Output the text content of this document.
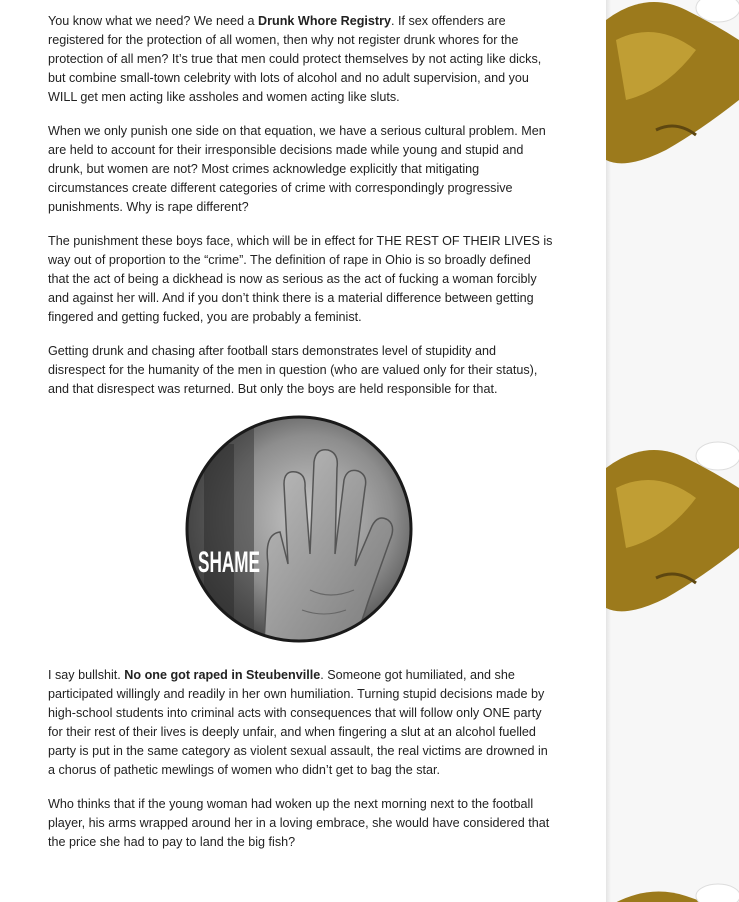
You know what we need? We need a Drunk Whore Registry. If sex offenders are registered for the protection of all women, then why not register drunk whores for the protection of all men? It’s true that men could protect themselves by not acting like dicks, but combine small-town celebrity with lots of alcohol and no adult supervision, and you WILL get men acting like assholes and women acting like sluts.

When we only punish one side on that equation, we have a serious cultural problem. Men are held to account for their irresponsible decisions made while young and stupid and drunk, but women are not? Most crimes acknowledge explicitly that mitigating circumstances create different categories of crime with correspondingly progressive punishments. Why is rape different?

The punishment these boys face, which will be in effect for THE REST OF THEIR LIVES is way out of proportion to the “crime”. The definition of rape in Ohio is so broadly defined that the act of being a dickhead is now as serious as the act of fucking a woman forcibly and against her will. And if you don’t think there is a material difference between getting fingered and getting fucked, you are probably a feminist.

Getting drunk and chasing after football stars demonstrates level of stupidity and disrespect for the humanity of the men in question (who are valued only for their status), and that disrespect was returned. But only the boys are held responsible for that.

SHAME

I say bullshit. No one got raped in Steubenville. Someone got humiliated, and she participated willingly and readily in her own humiliation. Turning stupid decisions made by high-school students into criminal acts with consequences that will follow only ONE party for their rest of their lives is deeply unfair, and when fingering a slut at an alcohol fuelled party is put in the same category as violent sexual assault, the real victims are drowned in a chorus of pathetic mewlings of women who didn’t get to bag the star.

Who thinks that if the young woman had woken up the next morning next to the football player, his arms wrapped around her in a loving embrace, she would have considered that the price she had to pay to land the big fish?
